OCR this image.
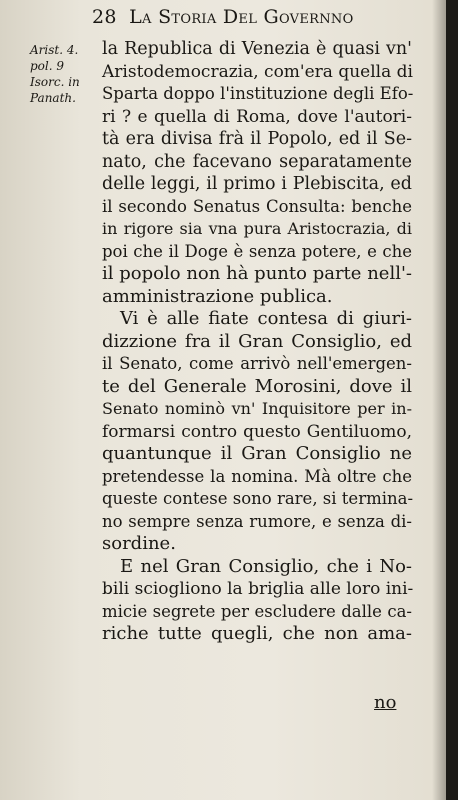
28 La Storia Del Governno
Arist. 4.
pol. 9
Isorc. in
Panath.
la Republica di Venezia è quasi vn'
Aristodemocrazia, com'era quella di
Sparta doppo l'instituzione degli Efo-
ri ? e quella di Roma, dove l'autori-
tà era divisa frà il Popolo, ed il Se-
nato, che facevano separatamente
delle leggi, il primo i Plebiscita, ed
il secondo Senatus Consulta: benche
in rigore sia vna pura Aristocrazia, di
poi che il Doge è senza potere, e che
il popolo non hà punto parte nell'-
amministrazione publica.
Vi è alle fiate contesa di giuri-
dizzione fra il Gran Consiglio, ed
il Senato, come arrivò nell'emergen-
te del Generale Morosini, dove il
Senato nominò vn' Inquisitore per in-
formarsi contro questo Gentiluomo,
quantunque il Gran Consiglio ne
pretendesse la nomina. Mà oltre che
queste contese sono rare, si termina-
no sempre senza rumore, e senza di-
sordine.
E nel Gran Consiglio, che i No-
bili sciogliono la briglia alle loro ini-
micie segrete per escludere dalle ca-
riche tutte quegli, che non ama-
no
